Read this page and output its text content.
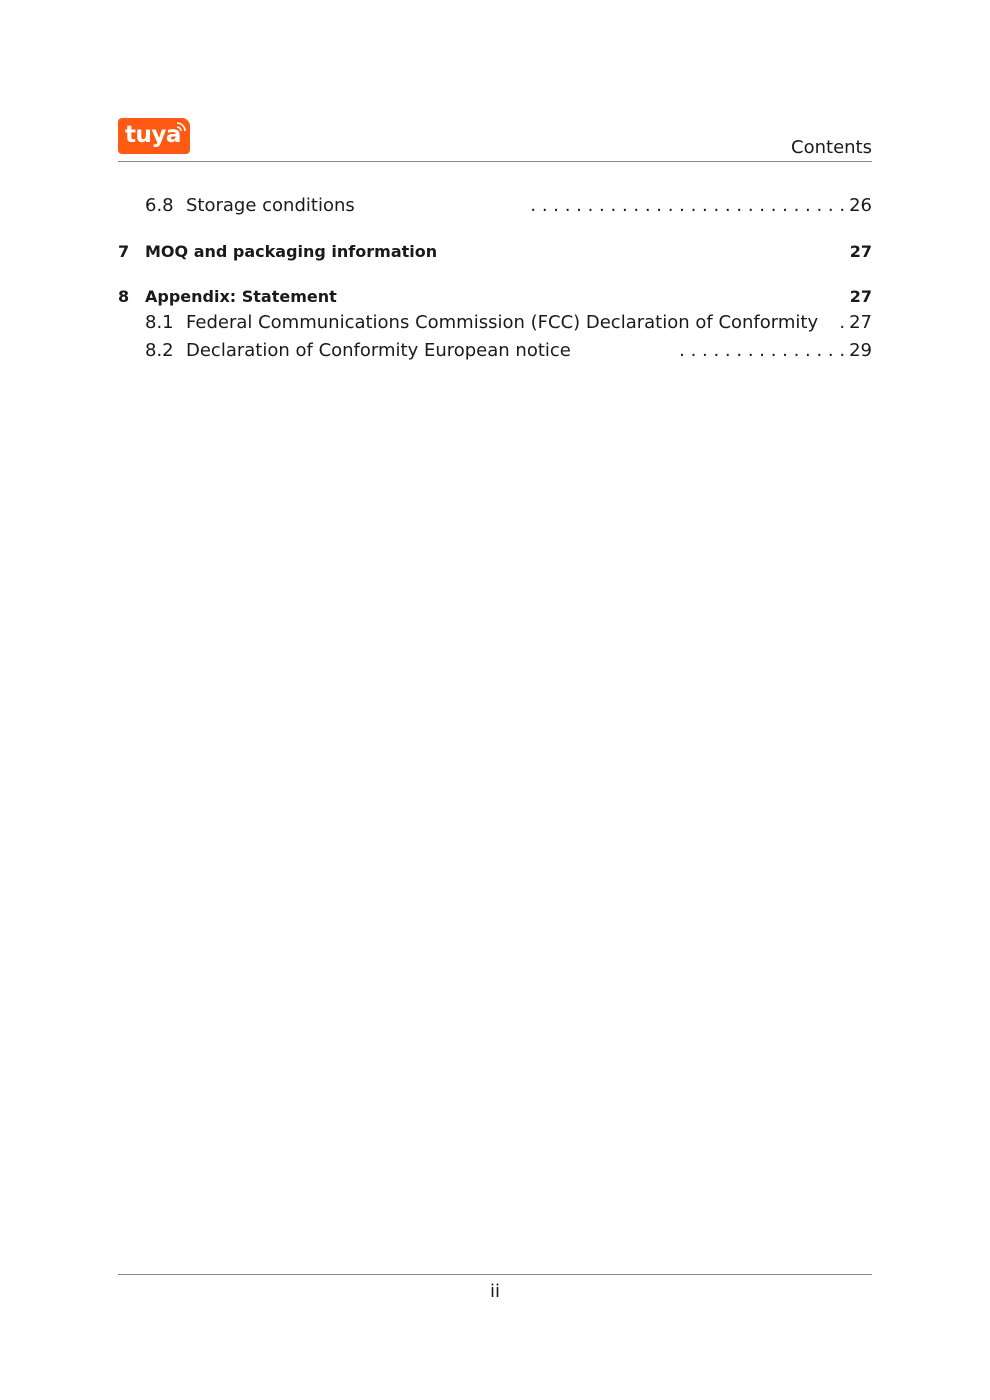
tuya	Contents
6.8 Storage conditions	. . . . . . . . . . . . . . . . . . . . . . . . . . . . 26
7 MOQ and packaging information	27
8 Appendix: Statement	27
8.1 Federal Communications Commission (FCC) Declaration of Conformity	. 27
8.2 Declaration of Conformity European notice	. . . . . . . . . . . . . . . 29
ii
